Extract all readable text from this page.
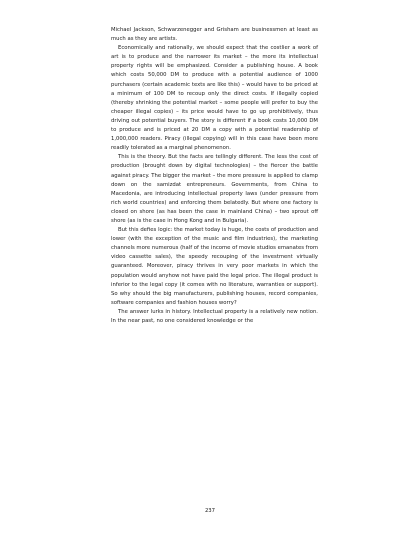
Michael Jackson, Schwarzenegger and Grisham are businessmen at least as much as they are artists.

Economically and rationally, we should expect that the costlier a work of art is to produce and the narrower its market – the more its intellectual property rights will be emphasized. Consider a publishing house. A book which costs 50,000 DM to produce with a potential audience of 1000 purchasers (certain academic texts are like this) – would have to be priced at a minimum of 100 DM to recoup only the direct costs. If illegally copied (thereby shrinking the potential market – some people will prefer to buy the cheaper illegal copies) – its price would have to go up prohibitively, thus driving out potential buyers. The story is different if a book costs 10,000 DM to produce and is priced at 20 DM a copy with a potential readership of 1,000,000 readers. Piracy (illegal copying) will in this case have been more readily tolerated as a marginal phenomenon.

This is the theory. But the facts are tellingly different. The less the cost of production (brought down by digital technologies) – the fiercer the battle against piracy. The bigger the market – the more pressure is applied to clamp down on the samizdat entrepreneurs. Governments, from China to Macedonia, are introducing intellectual property laws (under pressure from rich world countries) and enforcing them belatedly. But where one factory is closed on shore (as has been the case in mainland China) – two sprout off shore (as is the case in Hong Kong and in Bulgaria).

But this defies logic: the market today is huge, the costs of production and lower (with the exception of the music and film industries), the marketing channels more numerous (half of the income of movie studios emanates from video cassette sales), the speedy recouping of the investment virtually guaranteed. Moreover, piracy thrives in very poor markets in which the population would anyhow not have paid the legal price. The illegal product is inferior to the legal copy (it comes with no literature, warranties or support). So why should the big manufacturers, publishing houses, record companies, software companies and fashion houses worry?

The answer lurks in history. Intellectual property is a relatively new notion. In the near past, no one considered knowledge or the

237
